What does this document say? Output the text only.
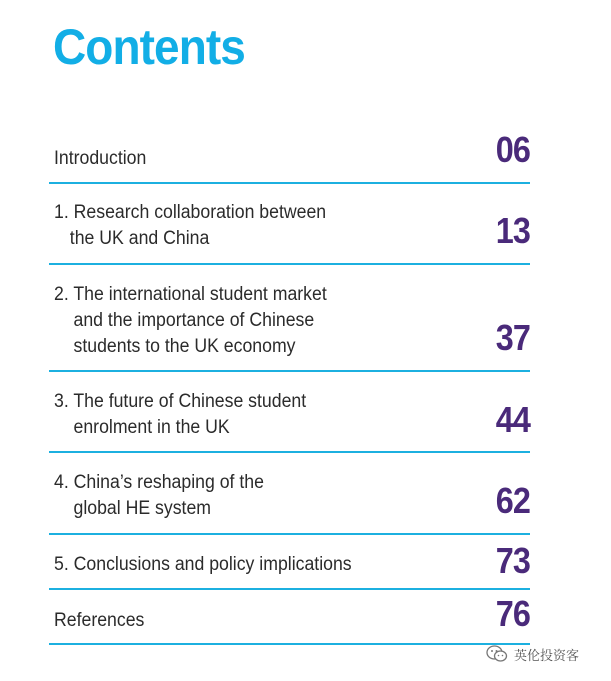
Contents
Introduction	06
1. Research collaboration between
the UK and China	13
2. The international student market
and the importance of Chinese
students to the UK economy	37
3. The future of Chinese student
enrolment in the UK	44
4. China’s reshaping of the
global HE system	62
5. Conclusions and policy implications	73
References	76
英伦投资客
